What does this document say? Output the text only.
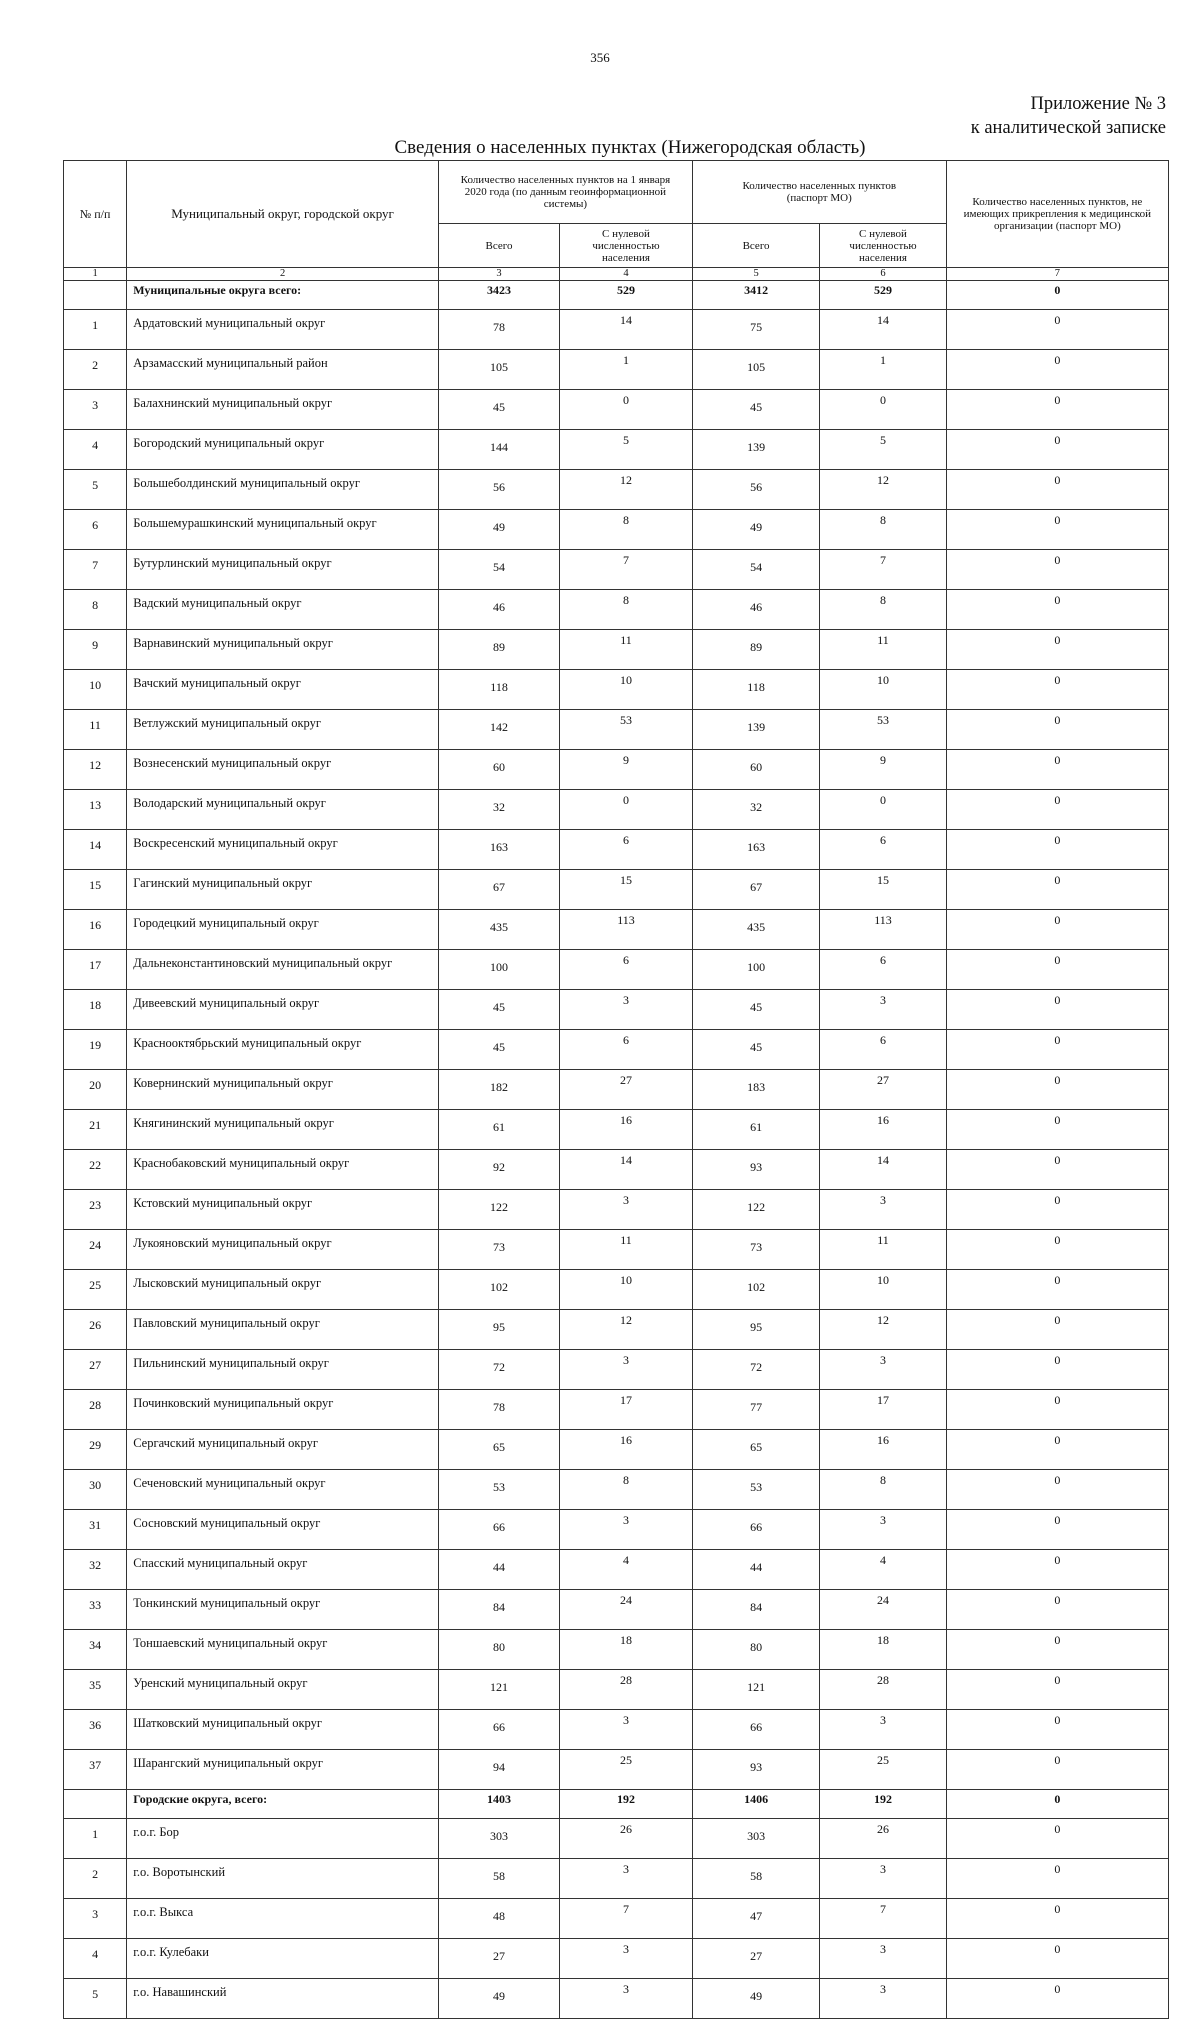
356
Приложение № 3
к аналитической записке
Сведения о населенных пунктах (Нижегородская область)
№ п/п	Муниципальный округ, городской округ	Количество населенных пунктов на 1 января 2020 года (по данным геоинформационной системы)		Количество населенных пунктов (паспорт МО)		Количество населенных пунктов, не имеющих прикрепления к медицинской организации (паспорт МО)
		Всего	С нулевой численностью населения	Всего	С нулевой численностью населения	
1	2	3	4	5	6	7
	Муниципальные округа всего:	3423	529	3412	529	0
1	Ардатовский муниципальный округ	78	14	75	14	0
2	Арзамасский муниципальный район	105	1	105	1	0
3	Балахнинский муниципальный округ	45	0	45	0	0
4	Богородский муниципальный округ	144	5	139	5	0
5	Большеболдинский муниципальный округ	56	12	56	12	0
6	Большемурашкинский муниципальный округ	49	8	49	8	0
7	Бутурлинский муниципальный округ	54	7	54	7	0
8	Вадский муниципальный округ	46	8	46	8	0
9	Варнавинский муниципальный округ	89	11	89	11	0
10	Вачский муниципальный округ	118	10	118	10	0
11	Ветлужский муниципальный округ	142	53	139	53	0
12	Вознесенский муниципальный округ	60	9	60	9	0
13	Володарский муниципальный округ	32	0	32	0	0
14	Воскресенский муниципальный округ	163	6	163	6	0
15	Гагинский муниципальный округ	67	15	67	15	0
16	Городецкий муниципальный округ	435	113	435	113	0
17	Дальнеконстантиновский муниципальный округ	100	6	100	6	0
18	Дивеевский муниципальный округ	45	3	45	3	0
19	Краснооктябрьский муниципальный округ	45	6	45	6	0
20	Ковернинский муниципальный округ	182	27	183	27	0
21	Княгининский муниципальный округ	61	16	61	16	0
22	Краснобаковский муниципальный округ	92	14	93	14	0
23	Кстовский муниципальный округ	122	3	122	3	0
24	Лукояновский муниципальный округ	73	11	73	11	0
25	Лысковский муниципальный округ	102	10	102	10	0
26	Павловский муниципальный округ	95	12	95	12	0
27	Пильнинский муниципальный округ	72	3	72	3	0
28	Починковский муниципальный округ	78	17	77	17	0
29	Сергачский муниципальный округ	65	16	65	16	0
30	Сеченовский муниципальный округ	53	8	53	8	0
31	Сосновский муниципальный округ	66	3	66	3	0
32	Спасский муниципальный округ	44	4	44	4	0
33	Тонкинский муниципальный округ	84	24	84	24	0
34	Тоншаевский муниципальный округ	80	18	80	18	0
35	Уренский муниципальный округ	121	28	121	28	0
36	Шатковский муниципальный округ	66	3	66	3	0
37	Шарангский муниципальный округ	94	25	93	25	0
	Городские округа, всего:	1403	192	1406	192	0
1	г.о.г. Бор	303	26	303	26	0
2	г.о. Воротынский	58	3	58	3	0
3	г.о.г. Выкса	48	7	47	7	0
4	г.о.г. Кулебаки	27	3	27	3	0
5	г.о. Навашинский	49	3	49	3	0
